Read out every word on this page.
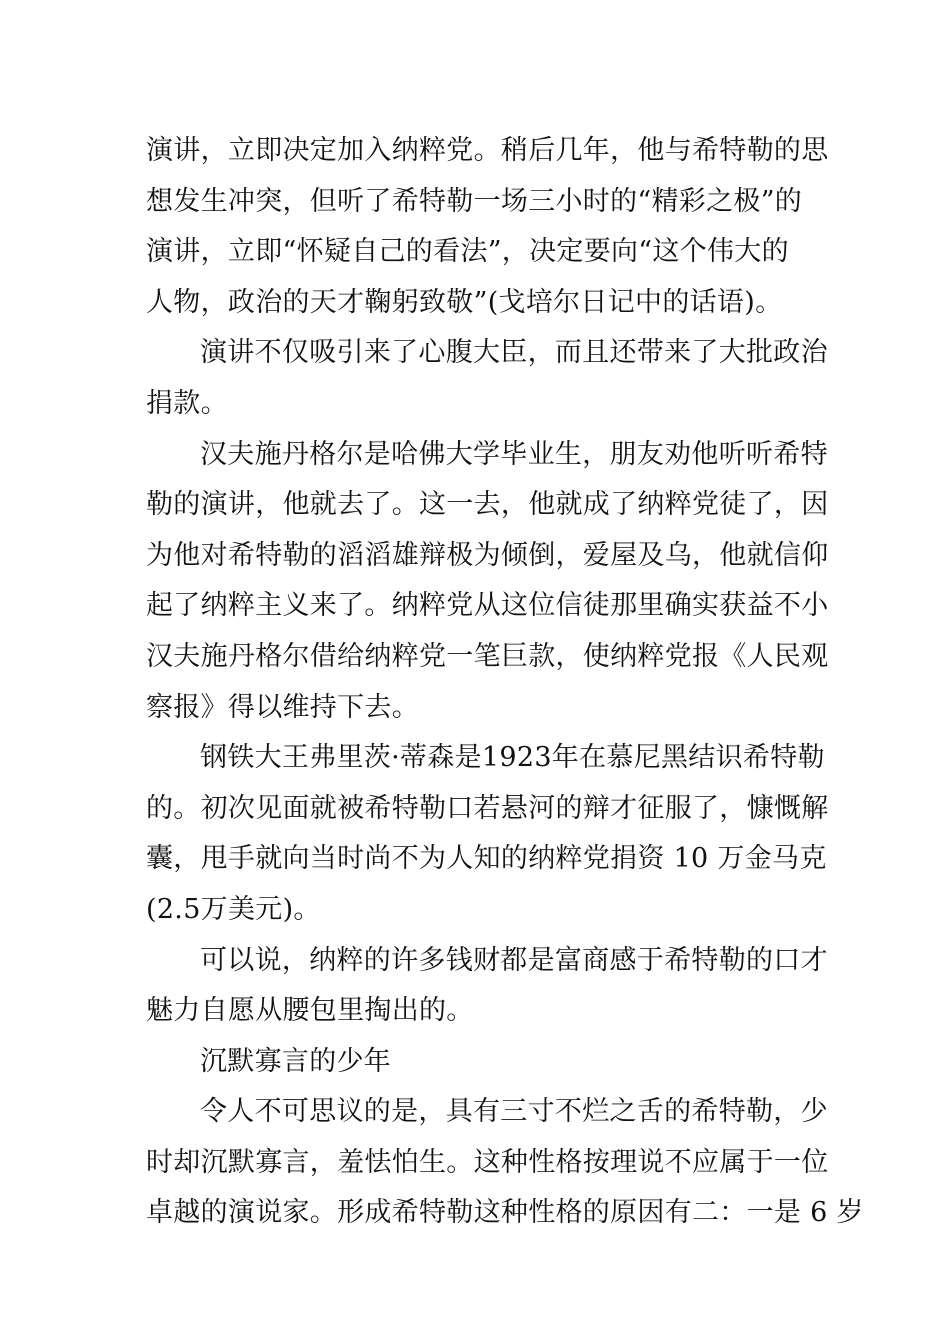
演讲，立即决定加入纳粹党。稍后几年，他与希特勒的思
想发生冲突，但听了希特勒一场三小时的“精彩之极”的
演讲，立即“怀疑自己的看法”，决定要向“这个伟大的
人物，政治的天才鞠躬致敬”(戈培尔日记中的话语)。
演讲不仅吸引来了心腹大臣，而且还带来了大批政治
捐款。
汉夫施丹格尔是哈佛大学毕业生，朋友劝他听听希特
勒的演讲，他就去了。这一去，他就成了纳粹党徒了，因
为他对希特勒的滔滔雄辩极为倾倒，爱屋及乌，他就信仰
起了纳粹主义来了。纳粹党从这位信徒那里确实获益不小
汉夫施丹格尔借给纳粹党一笔巨款，使纳粹党报《人民观
察报》得以维持下去。
钢铁大王弗里茨·蒂森是1923年在慕尼黑结识希特勒
的。初次见面就被希特勒口若悬河的辩才征服了，慷慨解
囊，甩手就向当时尚不为人知的纳粹党捐资 10 万金马克
(2.5万美元)。
可以说，纳粹的许多钱财都是富商感于希特勒的口才
魅力自愿从腰包里掏出的。
沉默寡言的少年
令人不可思议的是，具有三寸不烂之舌的希特勒，少
时却沉默寡言，羞怯怕生。这种性格按理说不应属于一位
卓越的演说家。形成希特勒这种性格的原因有二：一是 6 岁
